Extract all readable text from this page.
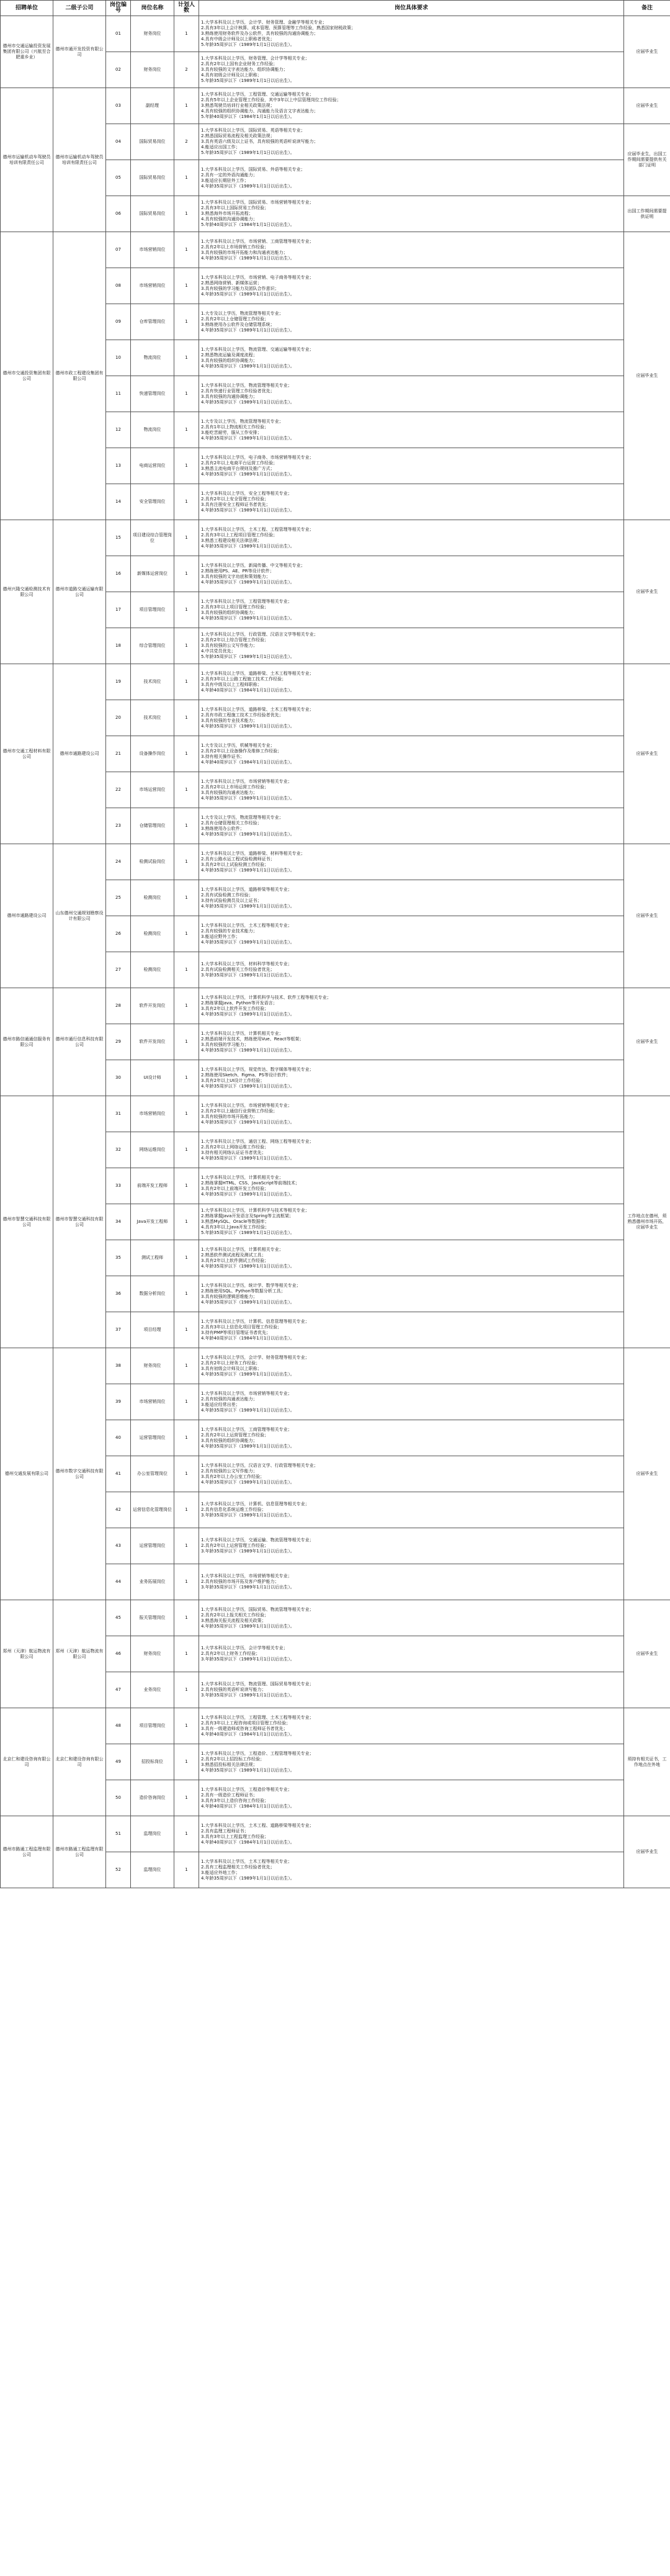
招聘单位	二级子公司	岗位编号	岗位名称	计划人数	岗位具体要求	备注
德州市交通运输投资发展集团有限公司（兴航至合肥重乡业）	德州市通开发投资有限公司	01	财务岗位	1	1.大学本科及以上学历，会计学、财务管理、金融学等相关专业；
2.具有3年以上会计核算、成本管理、预算管理等工作经验，熟悉国家财税政策；
3.熟练使用财务软件及办公软件，具有较强的沟通协调能力；
4.具有中级会计师及以上职称者优先；
5.年龄35周岁以下（1989年1月1日以后出生）。	应届毕业生
		02	财务岗位	2	1.大学本科及以上学历，财务管理、会计学等相关专业；
2.具有2年以上国有企业财务工作经验；
3.具有较强的文字表达能力、组织协调能力；
4.具有初级会计师及以上职称；
5.年龄35周岁以下（1989年1月1日以后出生）。	
德州市运输机动车驾驶员培训有限责任公司	德州市运输机动车驾驶员培训有限责任公司	03	副经理	1	1.大学本科及以上学历，工程管理、交通运输等相关专业；
2.具有5年以上企业管理工作经验，其中3年以上中层管理岗位工作经验；
3.熟悉驾驶员培训行业相关政策法规；
4.具有较强的组织协调能力、沟通能力及语言文字表达能力；
5.年龄40周岁以下（1984年1月1日以后出生）。	应届毕业生
		04	国际贸易岗位	2	1.大学本科及以上学历，国际贸易、英语等相关专业；
2.熟悉国际贸易流程及相关政策法规；
3.具有英语六级及以上证书，具有较强的英语听说读写能力；
4.能适应出国工作；
5.年龄35周岁以下（1989年1月1日以后出生）。	应届毕业生，出国工作期间需要提供有关部门证明
		05	国际贸易岗位	1	1.大学本科及以上学历，国际贸易、外语等相关专业；
2.具有一定的外语沟通能力；
3.能适应长期驻外工作；
4.年龄35周岁以下（1989年1月1日以后出生）。	
		06	国际贸易岗位	1	1.大学本科及以上学历，国际贸易、市场营销等相关专业；
2.具有3年以上国际贸易工作经验；
3.熟悉海外市场开拓流程；
4.具有较强的沟通协调能力；
5.年龄40周岁以下（1984年1月1日以后出生）。	出国工作期间需要提供证明
德州市交通投资集团有限公司	德州市政工程建设集团有限公司	07	市场营销岗位	1	1.大学本科及以上学历，市场营销、工商管理等相关专业；
2.具有2年以上市场营销工作经验；
3.具有较强的市场开拓能力和沟通表达能力；
4.年龄35周岁以下（1989年1月1日以后出生）。	应届毕业生
		08	市场营销岗位	1	1.大学本科及以上学历，市场营销、电子商务等相关专业；
2.熟悉网络营销、新媒体运营；
3.具有较强的学习能力及团队合作意识；
4.年龄35周岁以下（1989年1月1日以后出生）。	
		09	仓库管理岗位	1	1.大专及以上学历，物流管理等相关专业；
2.具有2年以上仓储管理工作经验；
3.熟练使用办公软件及仓储管理系统；
4.年龄35周岁以下（1989年1月1日以后出生）。	
		10	物流岗位	1	1.大学本科及以上学历，物流管理、交通运输等相关专业；
2.熟悉物流运输及调度流程；
3.具有较强的组织协调能力；
4.年龄35周岁以下（1989年1月1日以后出生）。	
		11	快递管理岗位	1	1.大学本科及以上学历，物流管理等相关专业；
2.具有快递行业管理工作经验者优先；
3.具有较强的沟通协调能力；
4.年龄35周岁以下（1989年1月1日以后出生）。	
		12	物流岗位	1	1.大专及以上学历，物流管理等相关专业；
2.具有1年以上物流相关工作经验；
3.能吃苦耐劳，服从工作安排；
4.年龄35周岁以下（1989年1月1日以后出生）。	
		13	电商运营岗位	1	1.大学本科及以上学历，电子商务、市场营销等相关专业；
2.具有2年以上电商平台运营工作经验；
3.熟悉主流电商平台规则及推广方式；
4.年龄35周岁以下（1989年1月1日以后出生）。	
		14	安全管理岗位	1	1.大学本科及以上学历，安全工程等相关专业；
2.具有2年以上安全管理工作经验；
3.具有注册安全工程师证书者优先；
4.年龄35周岁以下（1989年1月1日以后出生）。	
德州兴隆交通检测技术有限公司	德州市道路交通运输有限公司	15	项目建设综合管理岗位	1	1.大学本科及以上学历，土木工程、工程管理等相关专业；
2.具有3年以上工程项目管理工作经验；
3.熟悉工程建设相关法律法规；
4.年龄35周岁以下（1989年1月1日以后出生）。	应届毕业生
		16	新媒体运营岗位	1	1.大学本科及以上学历，新闻传播、中文等相关专业；
2.熟练使用PS、AE、PR等设计软件；
3.具有较强的文字功底和策划能力；
4.年龄35周岁以下（1989年1月1日以后出生）。	
		17	项目管理岗位	1	1.大学本科及以上学历，工程管理等相关专业；
2.具有3年以上项目管理工作经验；
3.具有较强的组织协调能力；
4.年龄35周岁以下（1989年1月1日以后出生）。	
		18	综合管理岗位	1	1.大学本科及以上学历，行政管理、汉语言文学等相关专业；
2.具有2年以上综合管理工作经验；
3.具有较强的公文写作能力；
4.中共党员优先；
5.年龄35周岁以下（1989年1月1日以后出生）。	
德州市交通工程材料有限公司	德州市通路建设公司	19	技术岗位	1	1.大学本科及以上学历，道路桥梁、土木工程等相关专业；
2.具有3年以上公路工程施工技术工作经验；
3.具有中级及以上工程师职称；
4.年龄40周岁以下（1984年1月1日以后出生）。	应届毕业生
		20	技术岗位	1	1.大学本科及以上学历，道路桥梁、土木工程等相关专业；
2.具有市政工程施工技术工作经验者优先；
3.具有较强的专业技术能力；
4.年龄35周岁以下（1989年1月1日以后出生）。	
		21	设备操作岗位	1	1.大专及以上学历，机械等相关专业；
2.具有2年以上设备操作及维修工作经验；
3.持有相关操作证书；
4.年龄40周岁以下（1984年1月1日以后出生）。	
		22	市场运营岗位	1	1.大学本科及以上学历，市场营销等相关专业；
2.具有2年以上市场运营工作经验；
3.具有较强的沟通表达能力；
4.年龄35周岁以下（1989年1月1日以后出生）。	
		23	仓储管理岗位	1	1.大专及以上学历，物流管理等相关专业；
2.具有仓储管理相关工作经验；
3.熟练使用办公软件；
4.年龄35周岁以下（1989年1月1日以后出生）。	
德州市通路建设公司	山东德州交通规划勘察设计有限公司	24	检测试验岗位	1	1.大学本科及以上学历，道路桥梁、材料等相关专业；
2.具有公路水运工程试验检测师证书；
3.具有2年以上试验检测工作经验；
4.年龄35周岁以下（1989年1月1日以后出生）。	应届毕业生
		25	检测岗位	1	1.大学本科及以上学历，道路桥梁等相关专业；
2.具有试验检测工作经验；
3.持有试验检测员及以上证书；
4.年龄35周岁以下（1989年1月1日以后出生）。	
		26	检测岗位	1	1.大学本科及以上学历，土木工程等相关专业；
2.具有较强的专业技术能力；
3.能适应野外工作；
4.年龄35周岁以下（1989年1月1日以后出生）。	
		27	检测岗位	1	1.大学本科及以上学历，材料科学等相关专业；
2.具有试验检测相关工作经验者优先；
3.年龄35周岁以下（1989年1月1日以后出生）。	
德州市路信通通信服务有限公司	德州市通行信息科技有限公司	28	软件开发岗位	1	1.大学本科及以上学历，计算机科学与技术、软件工程等相关专业；
2.熟练掌握Java、Python等开发语言；
3.具有2年以上软件开发工作经验；
4.年龄35周岁以下（1989年1月1日以后出生）。	应届毕业生
		29	软件开发岗位	1	1.大学本科及以上学历，计算机相关专业；
2.熟悉前端开发技术，熟练使用Vue、React等框架；
3.具有较强的学习能力；
4.年龄35周岁以下（1989年1月1日以后出生）。	
		30	UI设计师	1	1.大学本科及以上学历，视觉传达、数字媒体等相关专业；
2.熟练使用Sketch、Figma、PS等设计软件；
3.具有2年以上UI设计工作经验；
4.年龄35周岁以下（1989年1月1日以后出生）。	
德州市智慧交通科技有限公司	德州市智慧交通科技有限公司	31	市场营销岗位	1	1.大学本科及以上学历，市场营销等相关专业；
2.具有2年以上通信行业营销工作经验；
3.具有较强的市场开拓能力；
4.年龄35周岁以下（1989年1月1日以后出生）。	工作地点在德州，须熟悉德州市场开拓，应届毕业生
		32	网络运维岗位	1	1.大学本科及以上学历，通信工程、网络工程等相关专业；
2.具有2年以上网络运维工作经验；
3.持有相关网络认证证书者优先；
4.年龄35周岁以下（1989年1月1日以后出生）。	
		33	前端开发工程师	1	1.大学本科及以上学历，计算机相关专业；
2.熟练掌握HTML、CSS、JavaScript等前端技术；
3.具有2年以上前端开发工作经验；
4.年龄35周岁以下（1989年1月1日以后出生）。	
		34	Java开发工程师	1	1.大学本科及以上学历，计算机科学与技术等相关专业；
2.熟练掌握Java开发语言及Spring等主流框架；
3.熟悉MySQL、Oracle等数据库；
4.具有3年以上Java开发工作经验；
5.年龄35周岁以下（1989年1月1日以后出生）。	
		35	测试工程师	1	1.大学本科及以上学历，计算机相关专业；
2.熟悉软件测试流程及测试工具；
3.具有2年以上软件测试工作经验；
4.年龄35周岁以下（1989年1月1日以后出生）。	
		36	数据分析岗位	1	1.大学本科及以上学历，统计学、数学等相关专业；
2.熟练使用SQL、Python等数据分析工具；
3.具有较强的逻辑思维能力；
4.年龄35周岁以下（1989年1月1日以后出生）。	
		37	项目经理	1	1.大学本科及以上学历，计算机、信息管理等相关专业；
2.具有3年以上信息化项目管理工作经验；
3.持有PMP等项目管理证书者优先；
4.年龄40周岁以下（1984年1月1日以后出生）。	
德州交通发展有限公司	德州市数字交通科技有限公司	38	财务岗位	1	1.大学本科及以上学历，会计学、财务管理等相关专业；
2.具有2年以上财务工作经验；
3.具有初级会计师及以上职称；
4.年龄35周岁以下（1989年1月1日以后出生）。	应届毕业生
		39	市场营销岗位	1	1.大学本科及以上学历，市场营销等相关专业；
2.具有较强的沟通表达能力；
3.能适应经常出差；
4.年龄35周岁以下（1989年1月1日以后出生）。	
		40	运营管理岗位	1	1.大学本科及以上学历，工商管理等相关专业；
2.具有2年以上运营管理工作经验；
3.具有较强的组织协调能力；
4.年龄35周岁以下（1989年1月1日以后出生）。	
		41	办公室管理岗位	1	1.大学本科及以上学历，汉语言文学、行政管理等相关专业；
2.具有较强的公文写作能力；
3.具有2年以上办公室工作经验；
4.年龄35周岁以下（1989年1月1日以后出生）。	
		42	运营信息化管理岗位	1	1.大学本科及以上学历，计算机、信息管理等相关专业；
2.具有信息化系统运维工作经验；
3.年龄35周岁以下（1989年1月1日以后出生）。	
		43	运营管理岗位	1	1.大学本科及以上学历，交通运输、物流管理等相关专业；
2.具有2年以上运营管理工作经验；
3.年龄35周岁以下（1989年1月1日以后出生）。	
		44	业务拓展岗位	1	1.大学本科及以上学历，市场营销等相关专业；
2.具有较强的市场开拓及客户维护能力；
3.年龄35周岁以下（1989年1月1日以后出生）。	
郑州（天津）航运物流有限公司	郑州（天津）航运物流有限公司	45	报关管理岗位	1	1.大学本科及以上学历，国际贸易、物流管理等相关专业；
2.具有2年以上报关相关工作经验；
3.熟悉海关报关流程及相关政策；
4.年龄35周岁以下（1989年1月1日以后出生）。	应届毕业生
		46	财务岗位	1	1.大学本科及以上学历，会计学等相关专业；
2.具有2年以上财务工作经验；
3.年龄35周岁以下（1989年1月1日以后出生）。	
		47	业务岗位	1	1.大学本科及以上学历，物流管理、国际贸易等相关专业；
2.具有较强的英语听说读写能力；
3.年龄35周岁以下（1989年1月1日以后出生）。	
北京仁和建设咨询有限公司	北京仁和建设咨询有限公司	48	项目管理岗位	1	1.大学本科及以上学历，工程管理、土木工程等相关专业；
2.具有3年以上工程咨询或项目管理工作经验；
3.具有一级建造师或咨询工程师证书者优先；
4.年龄40周岁以下（1984年1月1日以后出生）。	须持有相关证书，工作地点在外地
		49	招投标岗位	1	1.大学本科及以上学历，工程造价、工程管理等相关专业；
2.具有2年以上招投标工作经验；
3.熟悉招投标相关法律法规；
4.年龄35周岁以下（1989年1月1日以后出生）。	
		50	造价咨询岗位	1	1.大学本科及以上学历，工程造价等相关专业；
2.具有一级造价工程师证书；
3.具有3年以上造价咨询工作经验；
4.年龄40周岁以下（1984年1月1日以后出生）。	
德州市路通工程监理有限公司	德州市路通工程监理有限公司	51	监理岗位	1	1.大学本科及以上学历，土木工程、道路桥梁等相关专业；
2.具有监理工程师证书；
3.具有3年以上工程监理工作经验；
4.年龄40周岁以下（1984年1月1日以后出生）。	应届毕业生
		52	监理岗位	1	1.大学本科及以上学历，土木工程等相关专业；
2.具有工程监理相关工作经验者优先；
3.能适应外地工作；
4.年龄35周岁以下（1989年1月1日以后出生）。	
